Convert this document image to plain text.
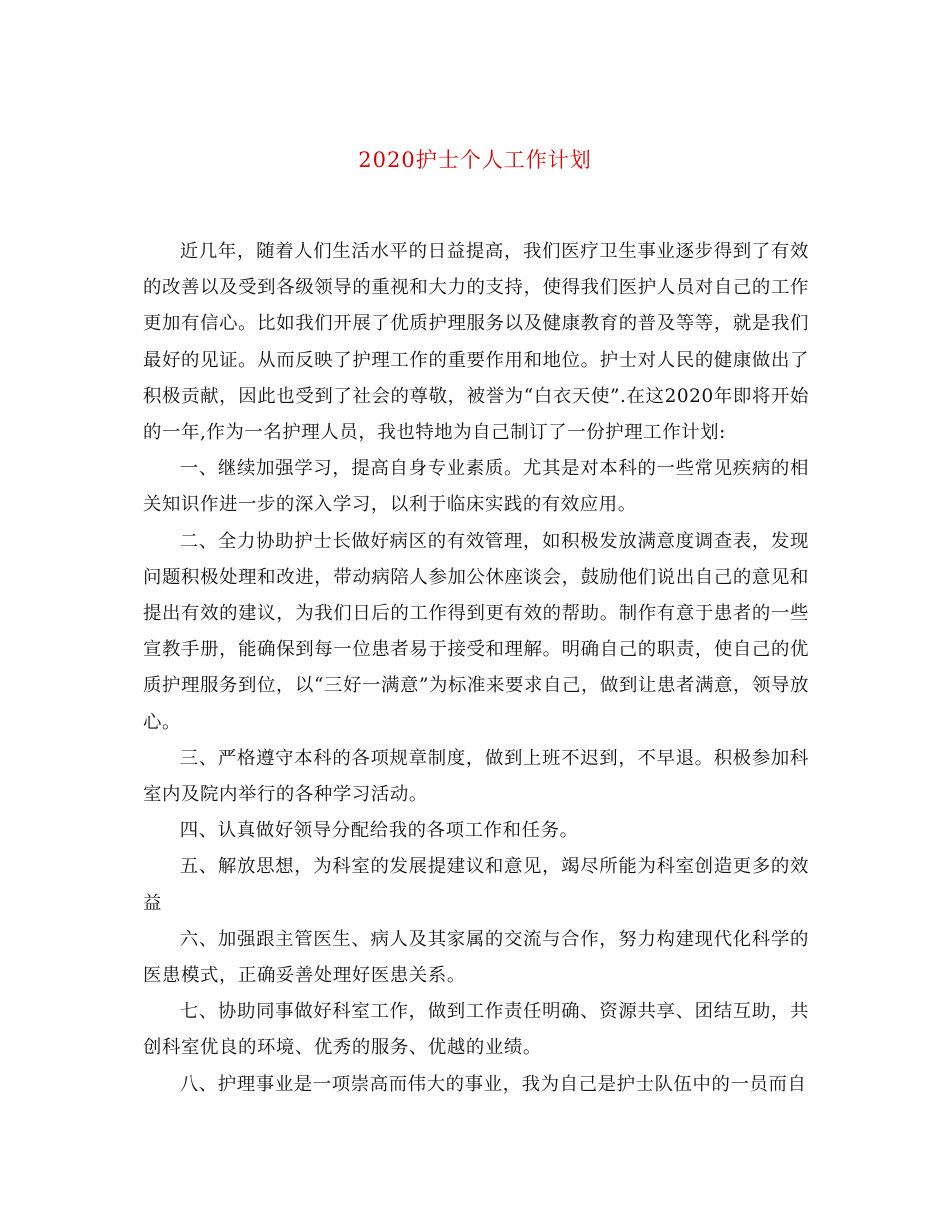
2020护士个人工作计划

近几年，随着人们生活水平的日益提高，我们医疗卫生事业逐步得到了有效的改善以及受到各级领导的重视和大力的支持，使得我们医护人员对自己的工作更加有信心。比如我们开展了优质护理服务以及健康教育的普及等等，就是我们最好的见证。从而反映了护理工作的重要作用和地位。护士对人民的健康做出了积极贡献，因此也受到了社会的尊敬，被誉为“白衣天使”.在这2020年即将开始的一年,作为一名护理人员，我也特地为自己制订了一份护理工作计划:

一、继续加强学习，提高自身专业素质。尤其是对本科的一些常见疾病的相关知识作进一步的深入学习，以利于临床实践的有效应用。

二、全力协助护士长做好病区的有效管理，如积极发放满意度调查表，发现问题积极处理和改进，带动病陪人参加公休座谈会，鼓励他们说出自己的意见和提出有效的建议，为我们日后的工作得到更有效的帮助。制作有意于患者的一些宣教手册，能确保到每一位患者易于接受和理解。明确自己的职责，使自己的优质护理服务到位，以“三好一满意”为标准来要求自己，做到让患者满意，领导放心。

三、严格遵守本科的各项规章制度，做到上班不迟到，不早退。积极参加科室内及院内举行的各种学习活动。

四、认真做好领导分配给我的各项工作和任务。

五、解放思想，为科室的发展提建议和意见，竭尽所能为科室创造更多的效益

六、加强跟主管医生、病人及其家属的交流与合作，努力构建现代化科学的医患模式，正确妥善处理好医患关系。

七、协助同事做好科室工作，做到工作责任明确、资源共享、团结互助，共创科室优良的环境、优秀的服务、优越的业绩。

八、护理事业是一项崇高而伟大的事业，我为自己是护士队伍中的一员而自
